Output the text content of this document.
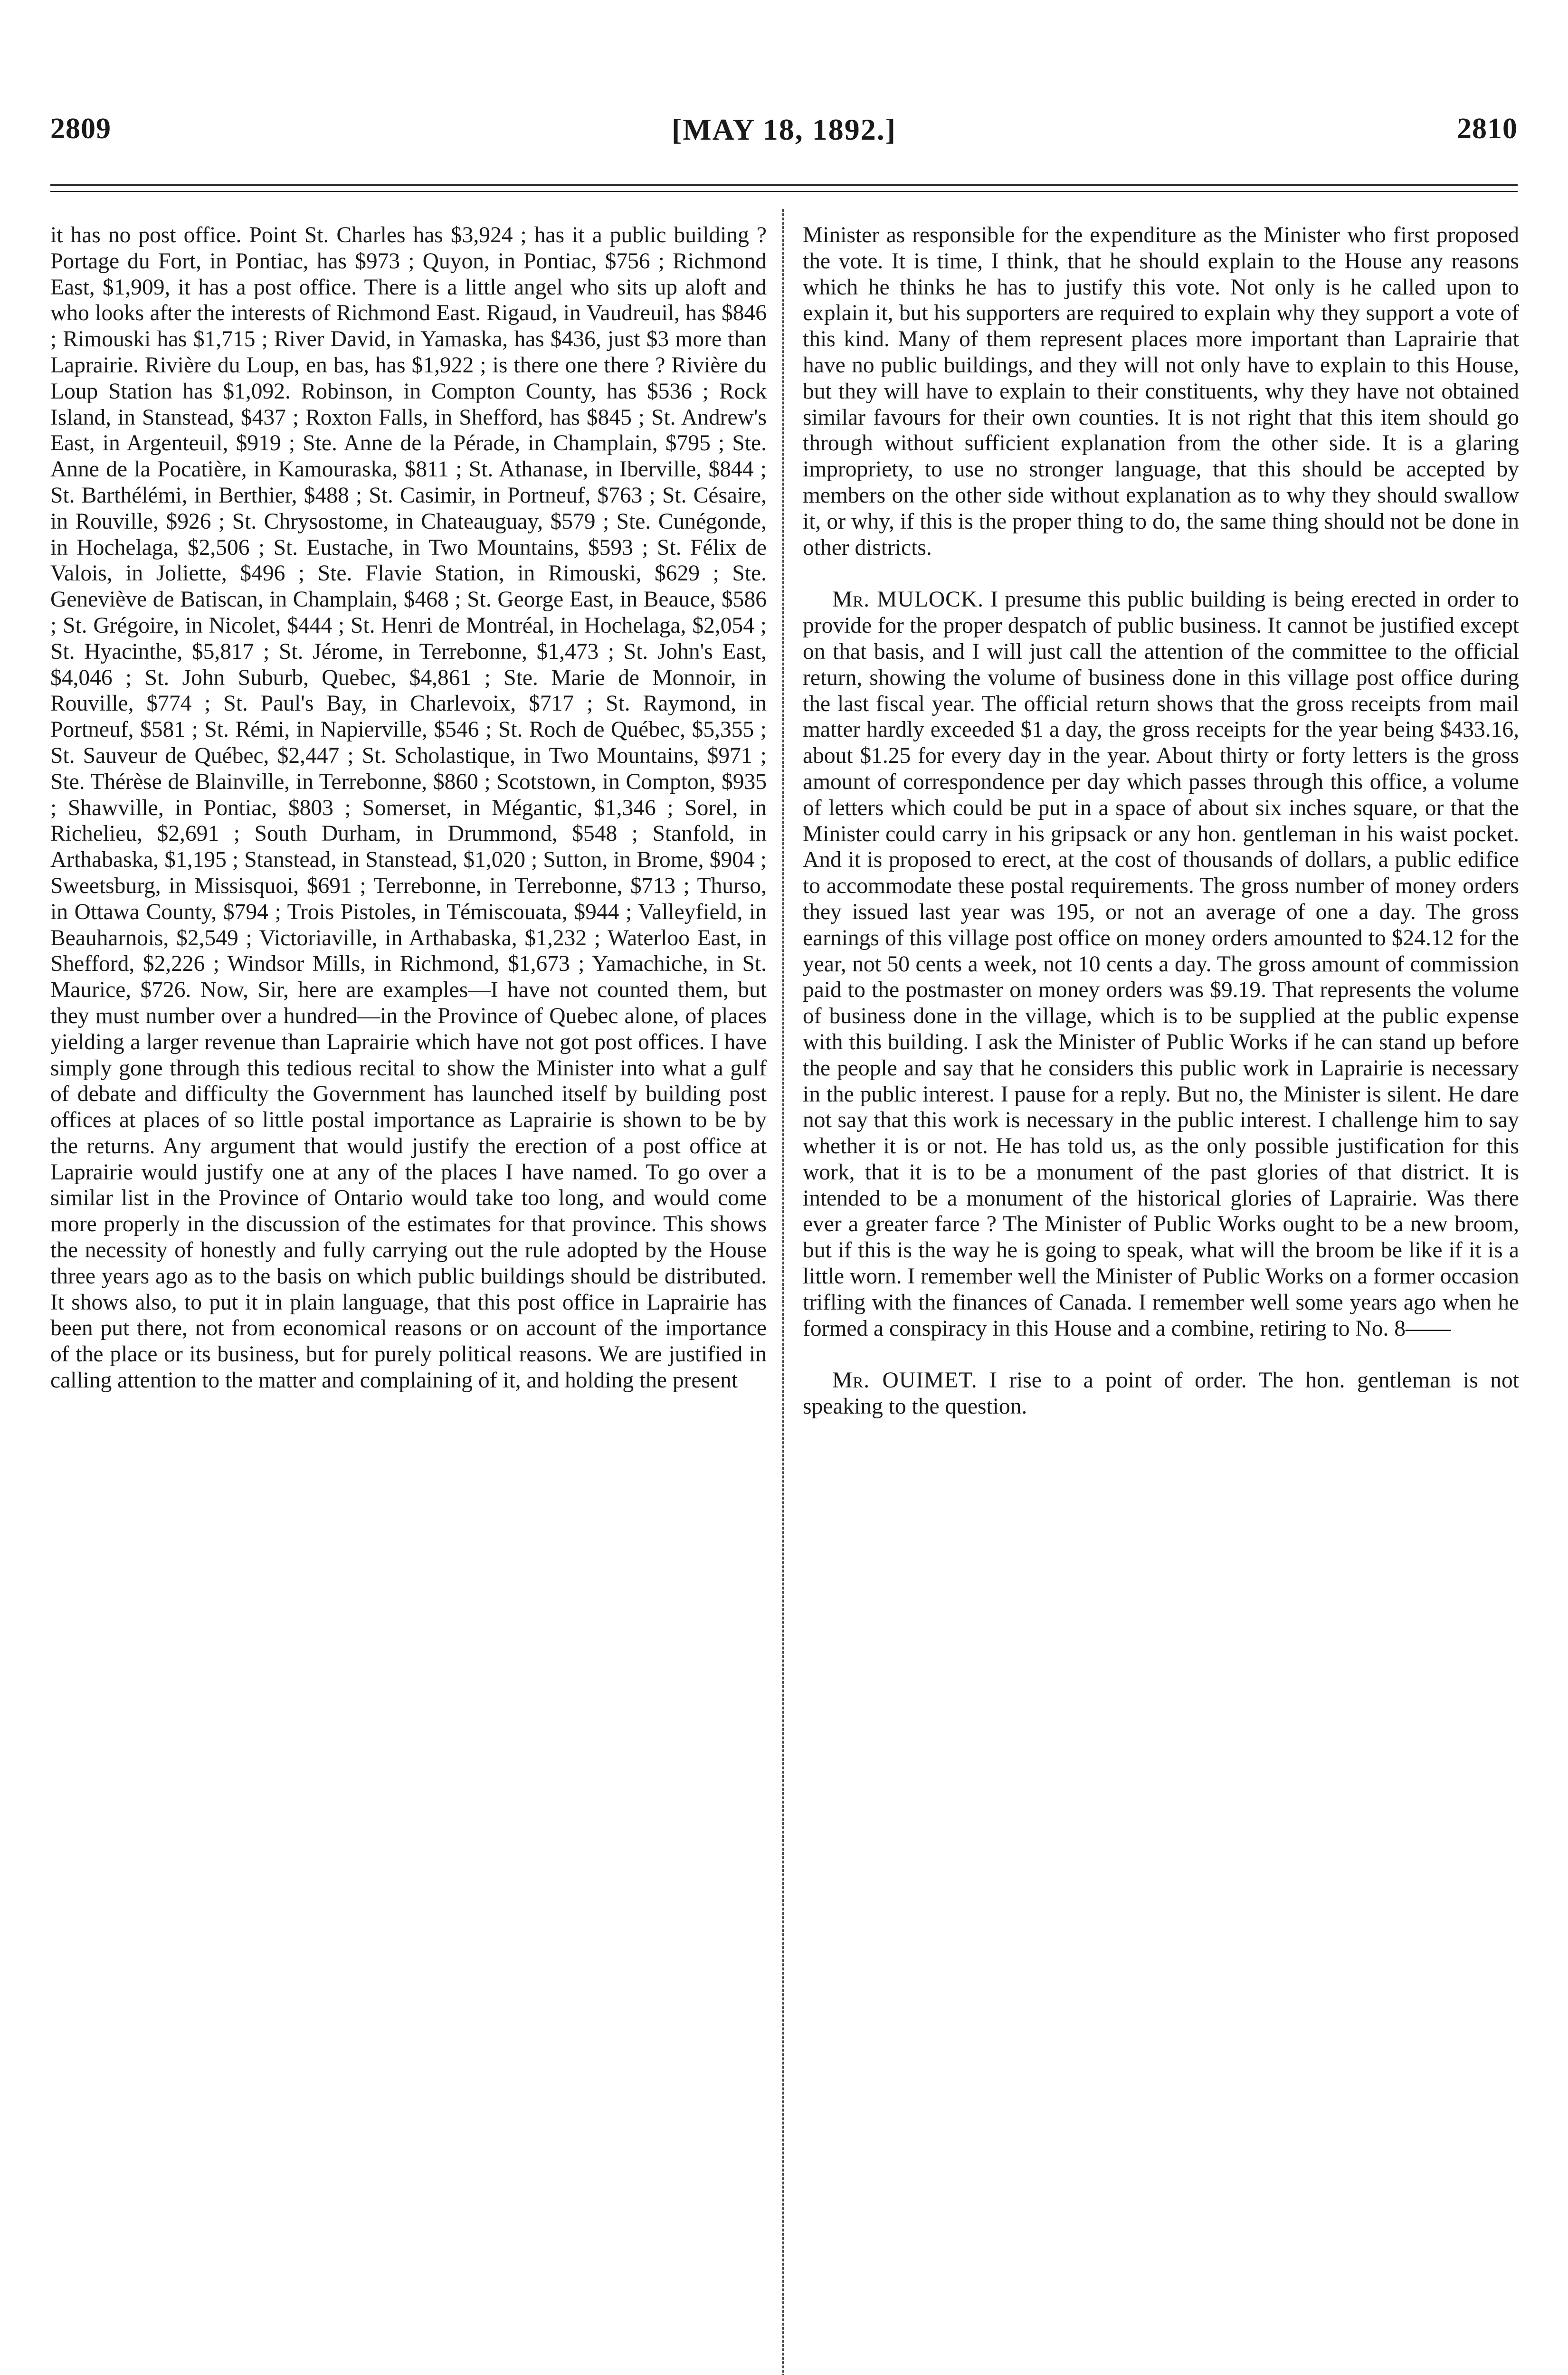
2809	[MAY 18, 1892.]	2810

it has no post office. Point St. Charles has $3,924 ; has it a public building ? Portage du Fort, in Pontiac, has $973 ; Quyon, in Pontiac, $756 ; Richmond East, $1,909, it has a post office. There is a little angel who sits up aloft and who looks after the interests of Richmond East. Rigaud, in Vaudreuil, has $846 ; Rimouski has $1,715 ; River David, in Yamaska, has $436, just $3 more than Laprairie. Rivière du Loup, en bas, has $1,922 ; is there one there ? Rivière du Loup Station has $1,092. Robinson, in Compton County, has $536 ; Rock Island, in Stanstead, $437 ; Roxton Falls, in Shefford, has $845 ; St. Andrew's East, in Argenteuil, $919 ; Ste. Anne de la Pérade, in Champlain, $795 ; Ste. Anne de la Pocatière, in Kamouraska, $811 ; St. Athanase, in Iberville, $844 ; St. Barthélémi, in Berthier, $488 ; St. Casimir, in Portneuf, $763 ; St. Césaire, in Rouville, $926 ; St. Chrysostome, in Chateauguay, $579 ; Ste. Cunégonde, in Hochelaga, $2,506 ; St. Eustache, in Two Mountains, $593 ; St. Félix de Valois, in Joliette, $496 ; Ste. Flavie Station, in Rimouski, $629 ; Ste. Geneviève de Batiscan, in Champlain, $468 ; St. George East, in Beauce, $586 ; St. Grégoire, in Nicolet, $444 ; St. Henri de Montréal, in Hochelaga, $2,054 ; St. Hyacinthe, $5,817 ; St. Jérome, in Terrebonne, $1,473 ; St. John's East, $4,046 ; St. John Suburb, Quebec, $4,861 ; Ste. Marie de Monnoir, in Rouville, $774 ; St. Paul's Bay, in Charlevoix, $717 ; St. Raymond, in Portneuf, $581 ; St. Rémi, in Napierville, $546 ; St. Roch de Québec, $5,355 ; St. Sauveur de Québec, $2,447 ; St. Scholastique, in Two Mountains, $971 ; Ste. Thérèse de Blainville, in Terrebonne, $860 ; Scotstown, in Compton, $935 ; Shawville, in Pontiac, $803 ; Somerset, in Mégantic, $1,346 ; Sorel, in Richelieu, $2,691 ; South Durham, in Drummond, $548 ; Stanfold, in Arthabaska, $1,195 ; Stanstead, in Stanstead, $1,020 ; Sutton, in Brome, $904 ; Sweetsburg, in Missisquoi, $691 ; Terrebonne, in Terrebonne, $713 ; Thurso, in Ottawa County, $794 ; Trois Pistoles, in Témiscouata, $944 ; Valleyfield, in Beauharnois, $2,549 ; Victoriaville, in Arthabaska, $1,232 ; Waterloo East, in Shefford, $2,226 ; Windsor Mills, in Richmond, $1,673 ; Yamachiche, in St. Maurice, $726. Now, Sir, here are examples—I have not counted them, but they must number over a hundred—in the Province of Quebec alone, of places yielding a larger revenue than Laprairie which have not got post offices. I have simply gone through this tedious recital to show the Minister into what a gulf of debate and difficulty the Government has launched itself by building post offices at places of so little postal importance as Laprairie is shown to be by the returns. Any argument that would justify the erection of a post office at Laprairie would justify one at any of the places I have named. To go over a similar list in the Province of Ontario would take too long, and would come more properly in the discussion of the estimates for that province. This shows the necessity of honestly and fully carrying out the rule adopted by the House three years ago as to the basis on which public buildings should be distributed. It shows also, to put it in plain language, that this post office in Laprairie has been put there, not from economical reasons or on account of the importance of the place or its business, but for purely political reasons. We are justified in calling attention to the matter and complaining of it, and holding the present

Minister as responsible for the expenditure as the Minister who first proposed the vote. It is time, I think, that he should explain to the House any reasons which he thinks he has to justify this vote. Not only is he called upon to explain it, but his supporters are required to explain why they support a vote of this kind. Many of them represent places more important than Laprairie that have no public buildings, and they will not only have to explain to this House, but they will have to explain to their constituents, why they have not obtained similar favours for their own counties. It is not right that this item should go through without sufficient explanation from the other side. It is a glaring impropriety, to use no stronger language, that this should be accepted by members on the other side without explanation as to why they should swallow it, or why, if this is the proper thing to do, the same thing should not be done in other districts.

Mr. MULOCK. I presume this public building is being erected in order to provide for the proper despatch of public business. It cannot be justified except on that basis, and I will just call the attention of the committee to the official return, showing the volume of business done in this village post office during the last fiscal year. The official return shows that the gross receipts from mail matter hardly exceeded $1 a day, the gross receipts for the year being $433.16, about $1.25 for every day in the year. About thirty or forty letters is the gross amount of correspondence per day which passes through this office, a volume of letters which could be put in a space of about six inches square, or that the Minister could carry in his gripsack or any hon. gentleman in his waist pocket. And it is proposed to erect, at the cost of thousands of dollars, a public edifice to accommodate these postal requirements. The gross number of money orders they issued last year was 195, or not an average of one a day. The gross earnings of this village post office on money orders amounted to $24.12 for the year, not 50 cents a week, not 10 cents a day. The gross amount of commission paid to the postmaster on money orders was $9.19. That represents the volume of business done in the village, which is to be supplied at the public expense with this building. I ask the Minister of Public Works if he can stand up before the people and say that he considers this public work in Laprairie is necessary in the public interest. I pause for a reply. But no, the Minister is silent. He dare not say that this work is necessary in the public interest. I challenge him to say whether it is or not. He has told us, as the only possible justification for this work, that it is to be a monument of the past glories of that district. It is intended to be a monument of the historical glories of Laprairie. Was there ever a greater farce ? The Minister of Public Works ought to be a new broom, but if this is the way he is going to speak, what will the broom be like if it is a little worn. I remember well the Minister of Public Works on a former occasion trifling with the finances of Canada. I remember well some years ago when he formed a conspiracy in this House and a combine, retiring to No. 8——

Mr. OUIMET. I rise to a point of order. The hon. gentleman is not speaking to the question.
